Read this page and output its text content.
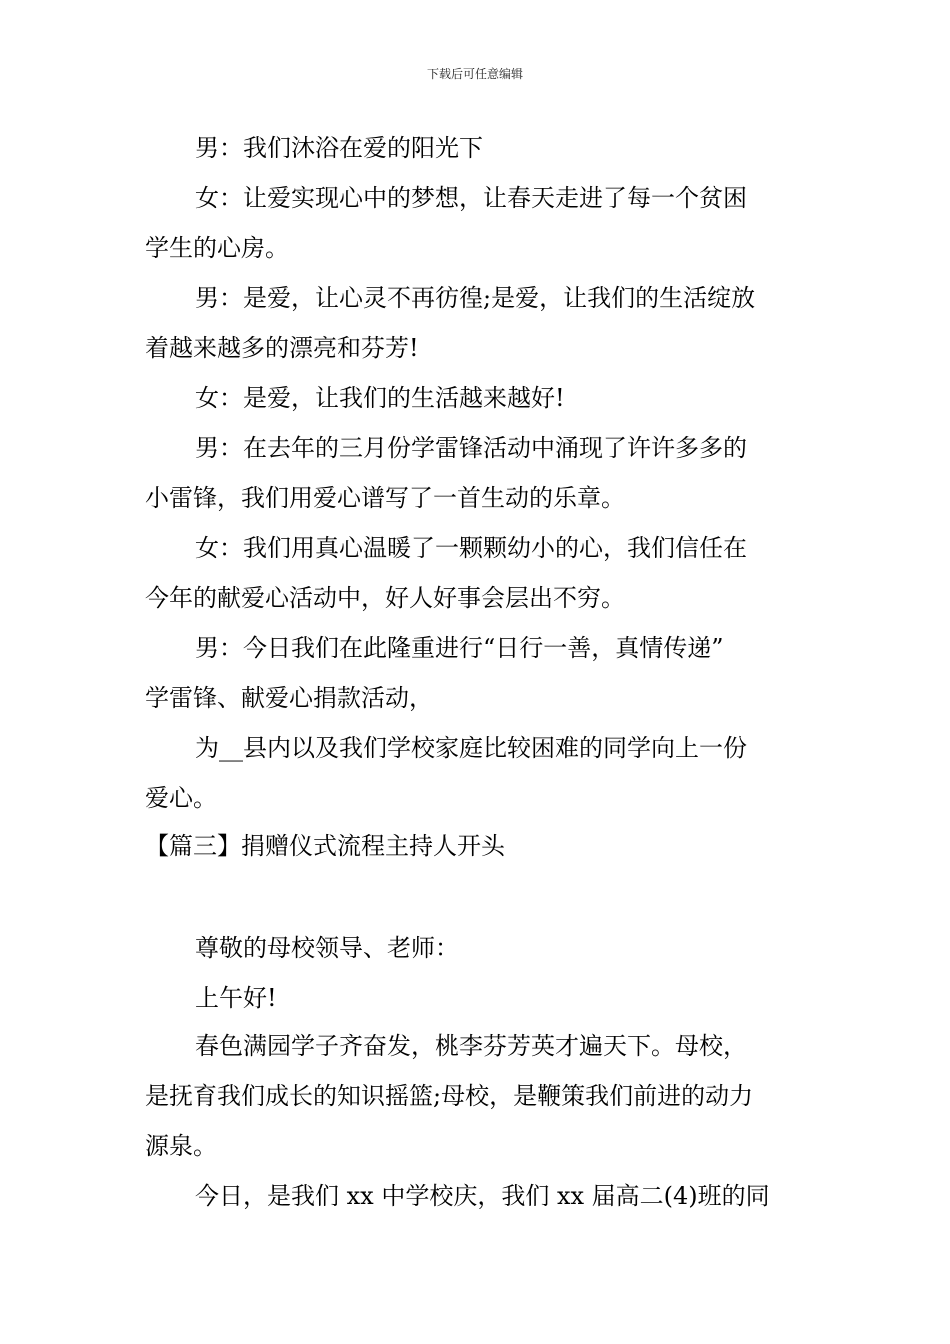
下载后可任意编辑
男：我们沐浴在爱的阳光下
女：让爱实现心中的梦想，让春天走进了每一个贫困
学生的心房。
男：是爱，让心灵不再彷徨;是爱，让我们的生活绽放
着越来越多的漂亮和芬芳!
女：是爱，让我们的生活越来越好!
男：在去年的三月份学雷锋活动中涌现了许许多多的
小雷锋，我们用爱心谱写了一首生动的乐章。
女：我们用真心温暖了一颗颗幼小的心，我们信任在
今年的献爱心活动中，好人好事会层出不穷。
男：今日我们在此隆重进行“日行一善，真情传递”
学雷锋、献爱心捐款活动，
为__县内以及我们学校家庭比较困难的同学向上一份
爱心。
【篇三】捐赠仪式流程主持人开头
尊敬的母校领导、老师：
上午好!
春色满园学子齐奋发，桃李芬芳英才遍天下。母校，
是抚育我们成长的知识摇篮;母校，是鞭策我们前进的动力
源泉。
今日，是我们 xx 中学校庆，我们 xx 届高二(4)班的同
